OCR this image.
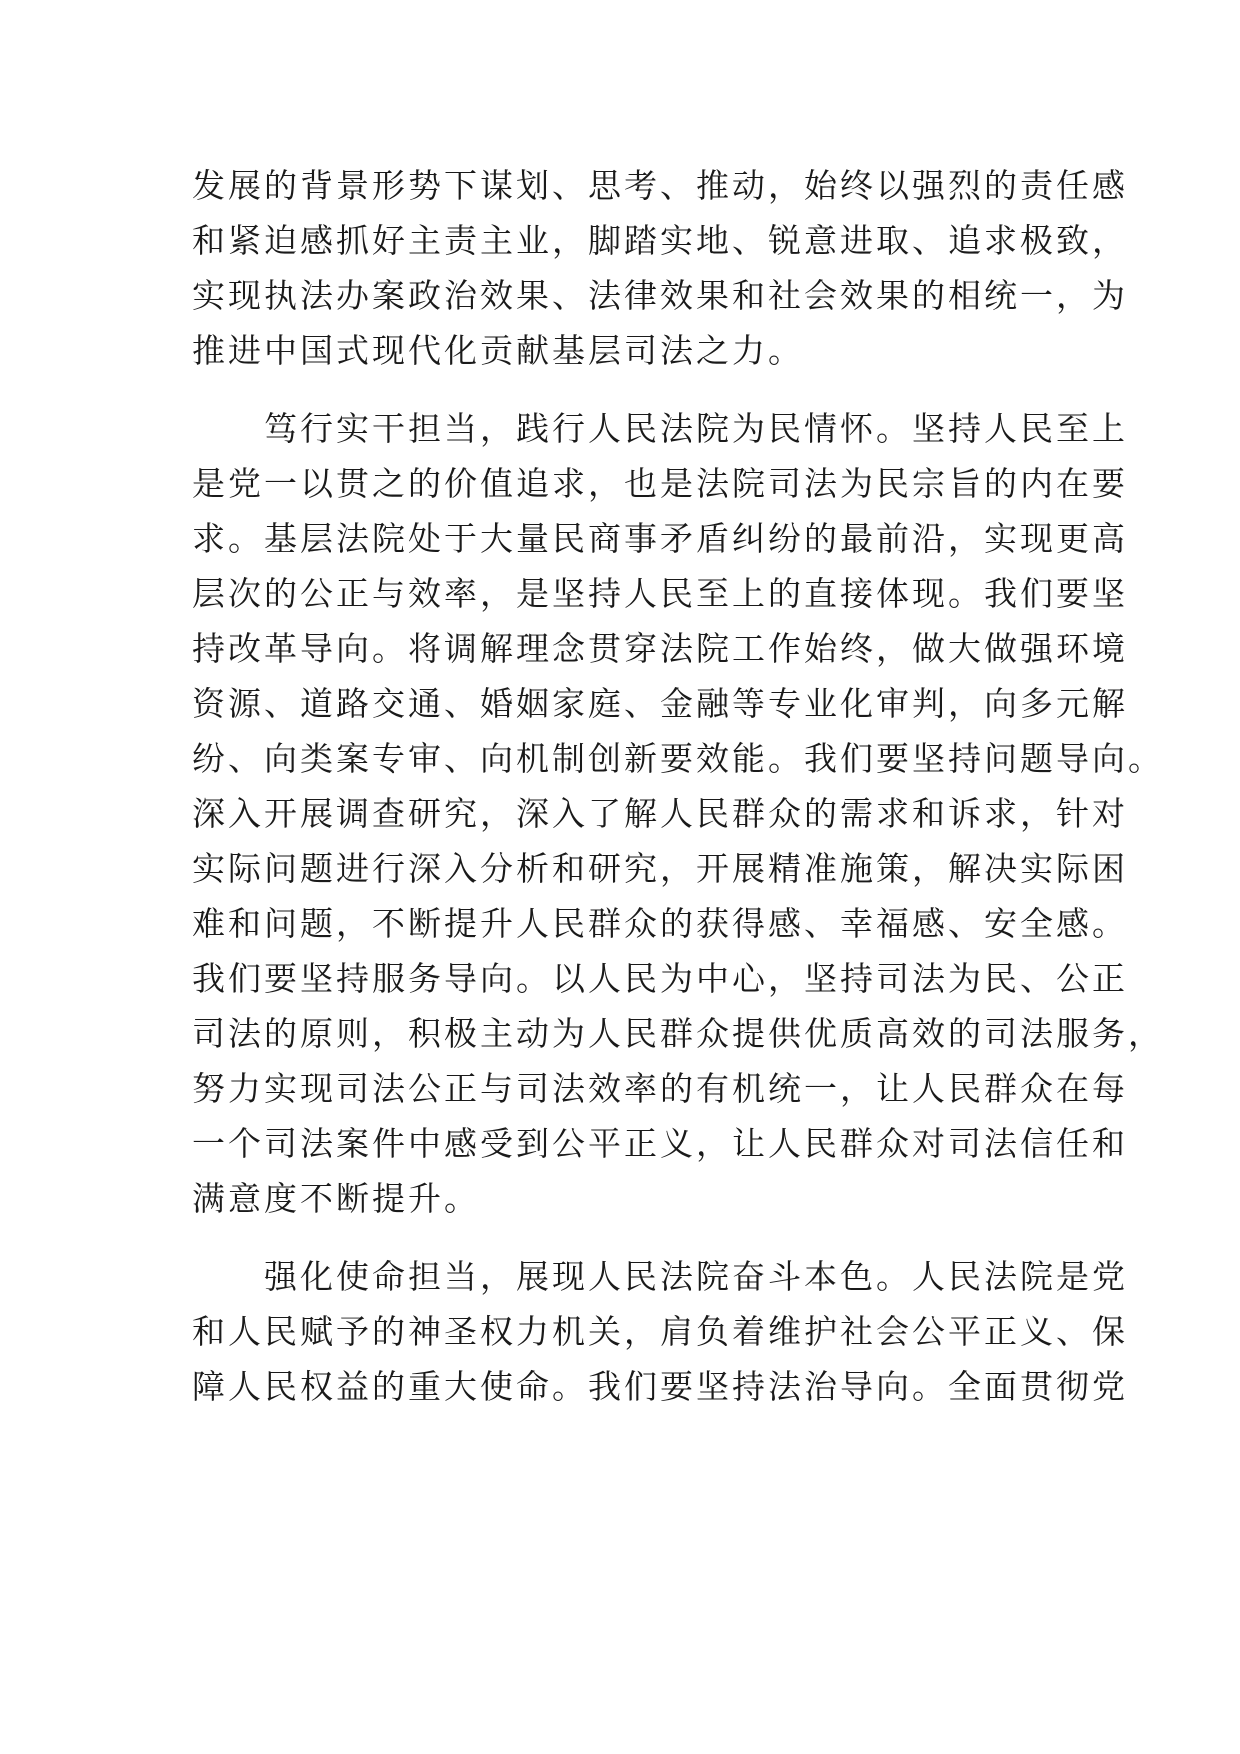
发展的背景形势下谋划、思考、推动，始终以强烈的责任感
和紧迫感抓好主责主业，脚踏实地、锐意进取、追求极致，
实现执法办案政治效果、法律效果和社会效果的相统一，为
推进中国式现代化贡献基层司法之力。
笃行实干担当，践行人民法院为民情怀。坚持人民至上
是党一以贯之的价值追求，也是法院司法为民宗旨的内在要
求。基层法院处于大量民商事矛盾纠纷的最前沿，实现更高
层次的公正与效率，是坚持人民至上的直接体现。我们要坚
持改革导向。将调解理念贯穿法院工作始终，做大做强环境
资源、道路交通、婚姻家庭、金融等专业化审判，向多元解
纷、向类案专审、向机制创新要效能。我们要坚持问题导向。
深入开展调查研究，深入了解人民群众的需求和诉求，针对
实际问题进行深入分析和研究，开展精准施策，解决实际困
难和问题，不断提升人民群众的获得感、幸福感、安全感。
我们要坚持服务导向。以人民为中心，坚持司法为民、公正
司法的原则，积极主动为人民群众提供优质高效的司法服务，
努力实现司法公正与司法效率的有机统一，让人民群众在每
一个司法案件中感受到公平正义，让人民群众对司法信任和
满意度不断提升。
强化使命担当，展现人民法院奋斗本色。人民法院是党
和人民赋予的神圣权力机关，肩负着维护社会公平正义、保
障人民权益的重大使命。我们要坚持法治导向。全面贯彻党
